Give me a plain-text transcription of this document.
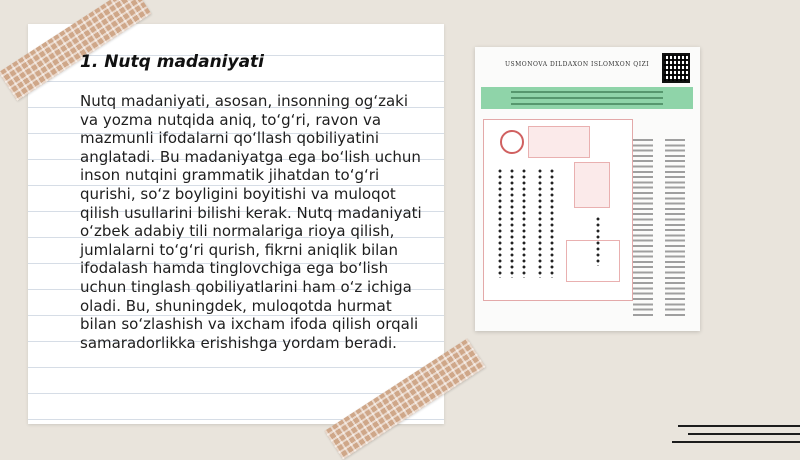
1. Nutq madaniyati

Nutq madaniyati, asosan, insonning og‘zaki va yozma nutqida aniq, to‘g‘ri, ravon va mazmunli ifodalarni qo‘llash qobiliyatini anglatadi. Bu madaniyatga ega bo‘lish uchun inson nutqini grammatik jihatdan to‘g‘ri qurishi, so‘z boyligini boyitishi va muloqot qilish usullarini bilishi kerak. Nutq madaniyati o‘zbek adabiy tili normalariga rioya qilish, jumlalarni to‘g‘ri qurish, fikrni aniqlik bilan ifodalash hamda tinglovchiga ega bo‘lish uchun tinglash qobiliyatlarini ham o‘z ichiga oladi. Bu, shuningdek, muloqotda hurmat bilan so‘zlashish va ixcham ifoda qilish orqali samaradorlikka erishishga yordam beradi.

USMONOVA DILDAXON ISLOMXON QIZI
